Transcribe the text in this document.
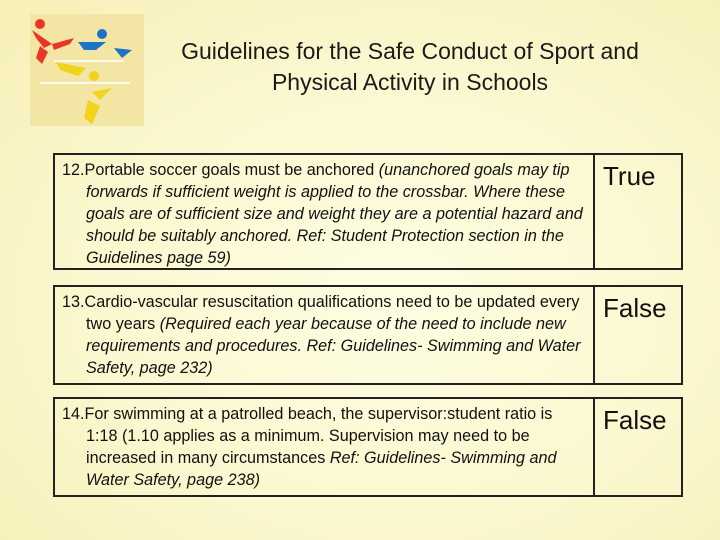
Guidelines for the Safe Conduct of Sport and Physical Activity in Schools
12.Portable soccer goals must be anchored (unanchored goals may tip forwards if sufficient weight is applied to the crossbar. Where these goals are of sufficient size and weight they are a potential hazard and should be suitably anchored. Ref: Student Protection section in the Guidelines page 59)
True
13.Cardio-vascular resuscitation qualifications need to be updated every two years (Required each year because of the need to include new requirements and procedures. Ref: Guidelines- Swimming and Water Safety, page 232)
False
14.For swimming at a patrolled beach, the supervisor:student ratio is 1:18 (1.10 applies as a minimum. Supervision may need to be increased in many circumstances Ref: Guidelines- Swimming and Water Safety, page 238)
False
